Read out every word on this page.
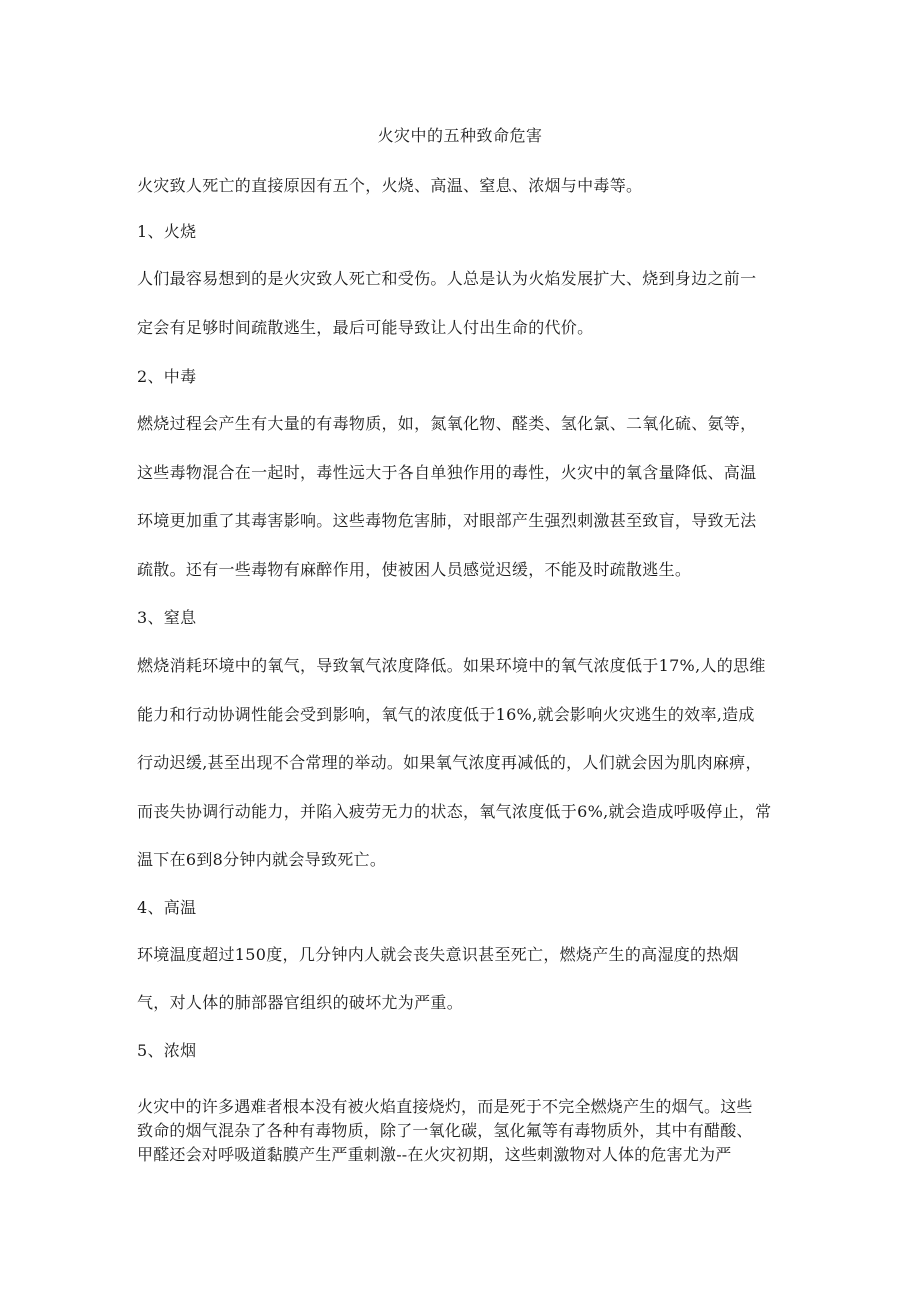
火灾中的五种致命危害
火灾致人死亡的直接原因有五个，火烧、高温、窒息、浓烟与中毒等。
1、火烧
人们最容易想到的是火灾致人死亡和受伤。人总是认为火焰发展扩大、烧到身边之前一
定会有足够时间疏散逃生，最后可能导致让人付出生命的代价。
2、中毒
燃烧过程会产生有大量的有毒物质，如，氮氧化物、醛类、氢化氯、二氧化硫、氨等，
这些毒物混合在一起时，毒性远大于各自单独作用的毒性，火灾中的氧含量降低、高温
环境更加重了其毒害影响。这些毒物危害肺，对眼部产生强烈刺激甚至致盲，导致无法
疏散。还有一些毒物有麻醉作用，使被困人员感觉迟缓，不能及时疏散逃生。
3、窒息
燃烧消耗环境中的氧气，导致氧气浓度降低。如果环境中的氧气浓度低于17%,人的思维
能力和行动协调性能会受到影响，氧气的浓度低于16%,就会影响火灾逃生的效率,造成
行动迟缓,甚至出现不合常理的举动。如果氧气浓度再减低的，人们就会因为肌肉麻痹，
而丧失协调行动能力，并陷入疲劳无力的状态，氧气浓度低于6%,就会造成呼吸停止，常
温下在6到8分钟内就会导致死亡。
4、高温
环境温度超过150度，几分钟内人就会丧失意识甚至死亡，燃烧产生的高湿度的热烟
气，对人体的肺部器官组织的破坏尤为严重。
5、浓烟
火灾中的许多遇难者根本没有被火焰直接烧灼，而是死于不完全燃烧产生的烟气。这些
致命的烟气混杂了各种有毒物质，除了一氧化碳，氢化氟等有毒物质外，其中有醋酸、
甲醛还会对呼吸道黏膜产生严重刺激--在火灾初期，这些刺激物对人体的危害尤为严
